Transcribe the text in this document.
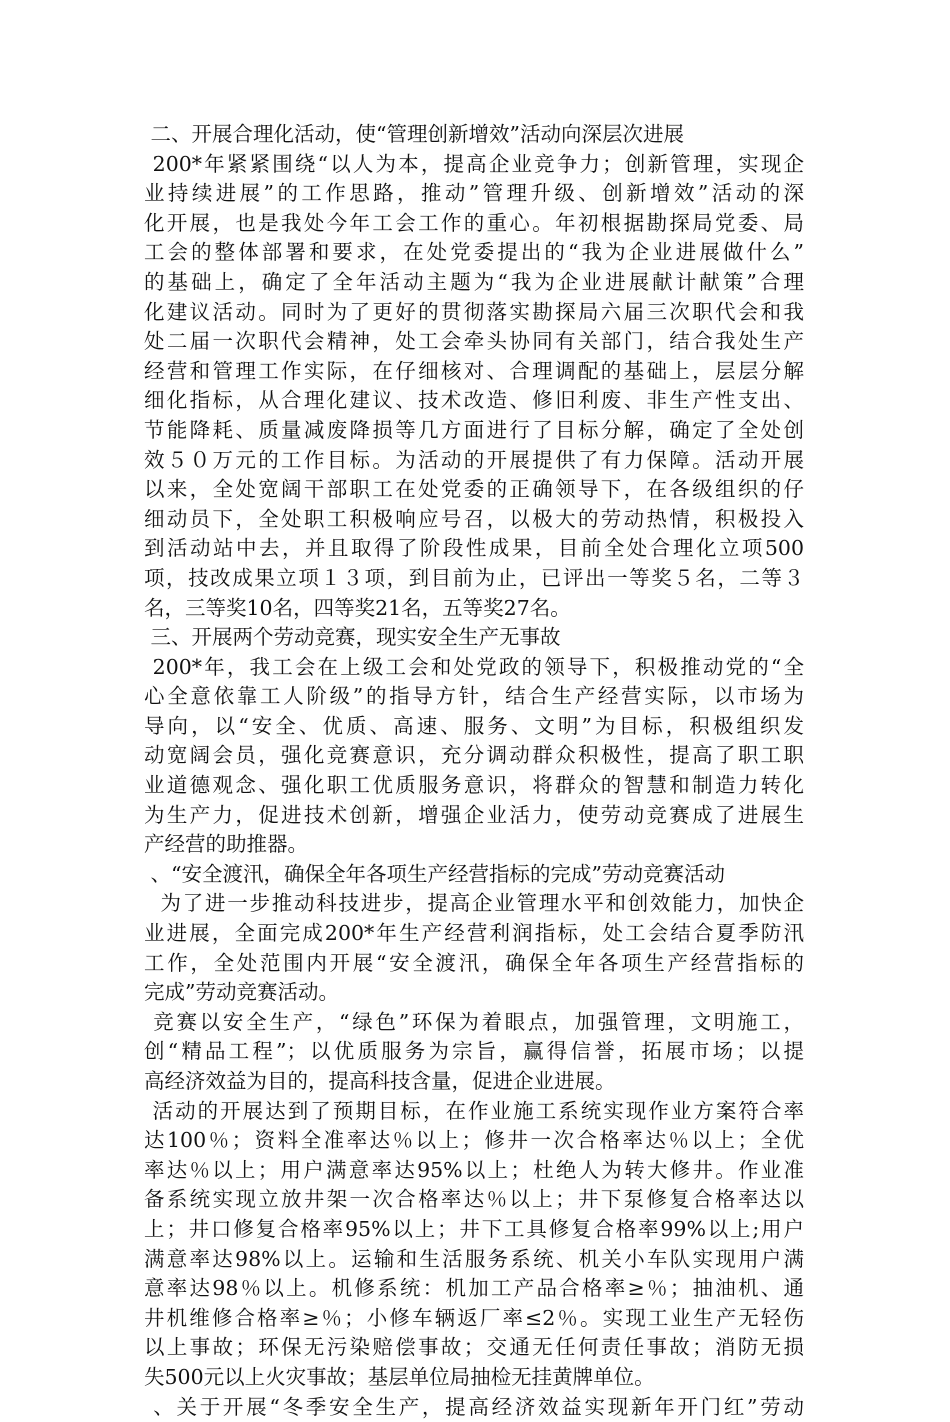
二、开展合理化活动，使“管理创新增效”活动向深层次进展
200*年紧紧围绕“以人为本，提高企业竞争力；创新管理，实现企
业持续进展”的工作思路，推动”管理升级、创新增效”活动的深
化开展，也是我处今年工会工作的重心。年初根据勘探局党委、局
工会的整体部署和要求，在处党委提出的“我为企业进展做什么”
的基础上，确定了全年活动主题为“我为企业进展献计献策”合理
化建议活动。同时为了更好的贯彻落实勘探局六届三次职代会和我
处二届一次职代会精神，处工会牵头协同有关部门，结合我处生产
经营和管理工作实际，在仔细核对、合理调配的基础上，层层分解
细化指标，从合理化建议、技术改造、修旧利废、非生产性支出、
节能降耗、质量减废降损等几方面进行了目标分解，确定了全处创
效５０万元的工作目标。为活动的开展提供了有力保障。活动开展
以来，全处宽阔干部职工在处党委的正确领导下，在各级组织的仔
细动员下，全处职工积极响应号召，以极大的劳动热情，积极投入
到活动站中去，并且取得了阶段性成果，目前全处合理化立项500
项，技改成果立项１３项，到目前为止，已评出一等奖５名，二等３
名，三等奖10名，四等奖21名，五等奖27名。
三、开展两个劳动竞赛，现实安全生产无事故
200*年，我工会在上级工会和处党政的领导下，积极推动党的“全
心全意依靠工人阶级”的指导方针，结合生产经营实际，以市场为
导向，以“安全、优质、高速、服务、文明”为目标，积极组织发
动宽阔会员，强化竞赛意识，充分调动群众积极性，提高了职工职
业道德观念、强化职工优质服务意识，将群众的智慧和制造力转化
为生产力，促进技术创新，增强企业活力，使劳动竞赛成了进展生
产经营的助推器。
、“安全渡汛，确保全年各项生产经营指标的完成”劳动竞赛活动
为了进一步推动科技进步，提高企业管理水平和创效能力，加快企
业进展，全面完成200*年生产经营利润指标，处工会结合夏季防汛
工作，全处范围内开展“安全渡汛，确保全年各项生产经营指标的
完成”劳动竞赛活动。
竞赛以安全生产，“绿色”环保为着眼点，加强管理，文明施工，
创“精品工程”；以优质服务为宗旨，赢得信誉，拓展市场；以提
高经济效益为目的，提高科技含量，促进企业进展。
活动的开展达到了预期目标，在作业施工系统实现作业方案符合率
达100％；资料全准率达％以上；修井一次合格率达％以上；全优
率达％以上；用户满意率达95%以上；杜绝人为转大修井。作业准
备系统实现立放井架一次合格率达％以上；井下泵修复合格率达以
上；井口修复合格率95%以上；井下工具修复合格率99%以上;用户
满意率达98%以上。运输和生活服务系统、机关小车队实现用户满
意率达98％以上。机修系统：机加工产品合格率≥％；抽油机、通
井机维修合格率≥％；小修车辆返厂率≤2％。实现工业生产无轻伤
以上事故；环保无污染赔偿事故；交通无任何责任事故；消防无损
失500元以上火灾事故；基层单位局抽检无挂黄牌单位。
、关于开展“冬季安全生产，提高经济效益实现新年开门红”劳动
